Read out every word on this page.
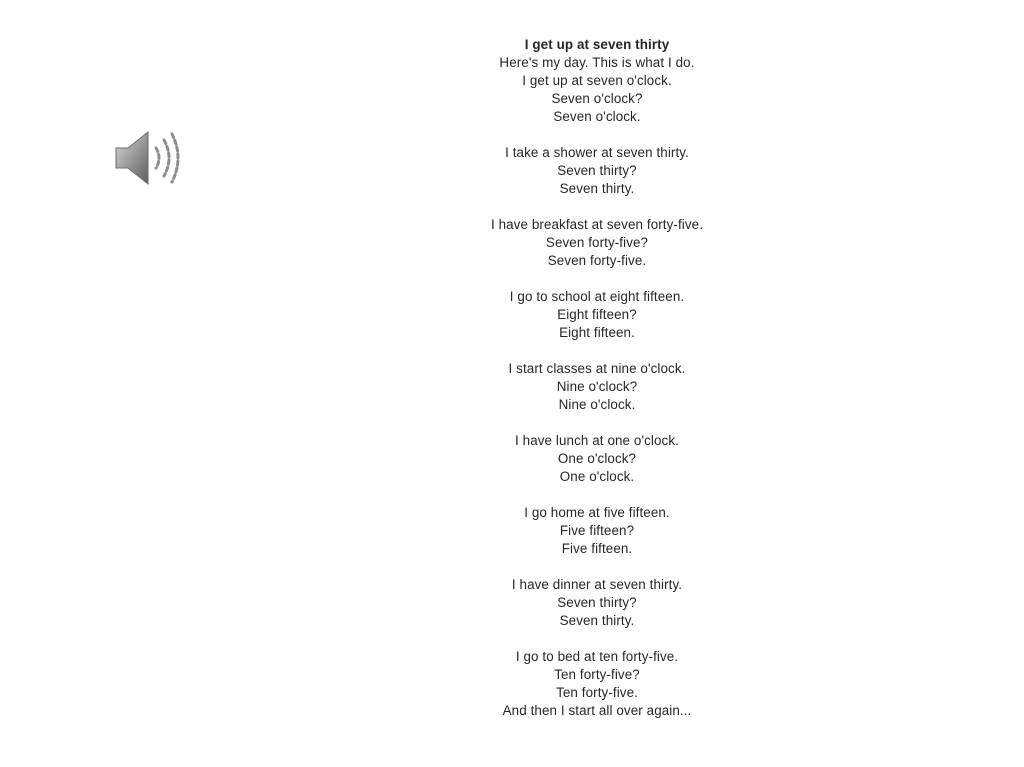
I get up at seven thirty
Here's my day. This is what I do.
I get up at seven o'clock.
Seven o'clock?
Seven o'clock.
I take a shower at seven thirty.
Seven thirty?
Seven thirty.
I have breakfast at seven forty-five.
Seven forty-five?
Seven forty-five.
I go to school at eight fifteen.
Eight fifteen?
Eight fifteen.
I start classes at nine o'clock.
Nine o'clock?
Nine o'clock.
I have lunch at one o'clock.
One o'clock?
One o'clock.
I go home at five fifteen.
Five fifteen?
Five fifteen.
I have dinner at seven thirty.
Seven thirty?
Seven thirty.
I go to bed at ten forty-five.
Ten forty-five?
Ten forty-five.
And then I start all over again...
